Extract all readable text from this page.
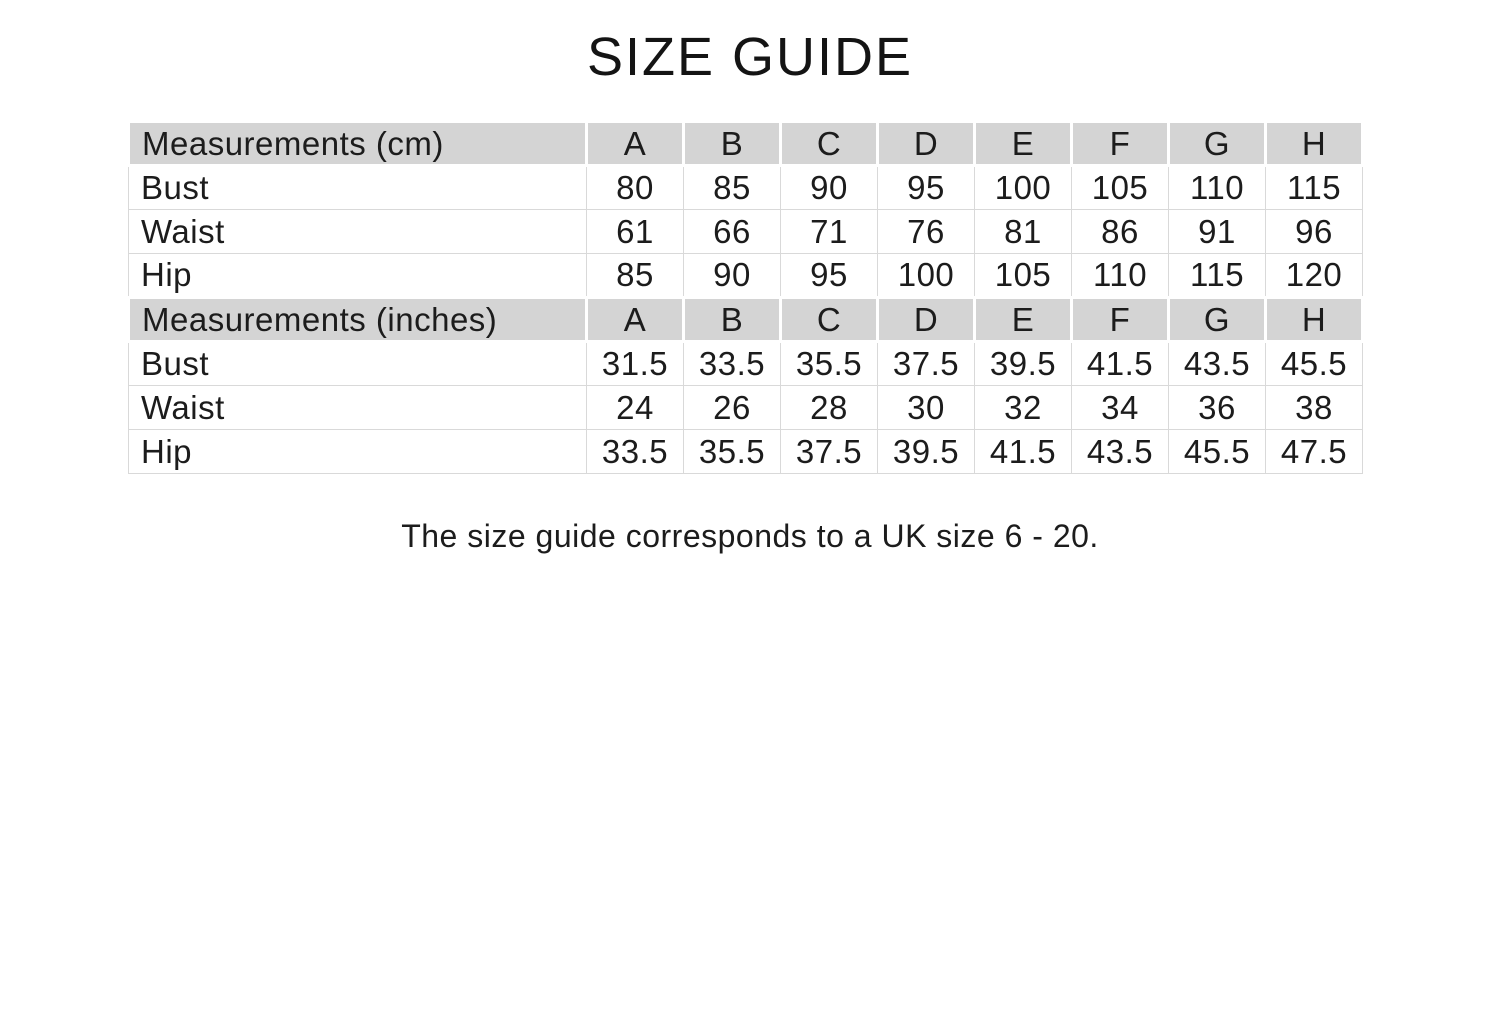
SIZE GUIDE
Measurements (cm)	A	B	C	D	E	F	G	H
Bust	80	85	90	95	100	105	110	115
Waist	61	66	71	76	81	86	91	96
Hip	85	90	95	100	105	110	115	120
Measurements (inches)	A	B	C	D	E	F	G	H
Bust	31.5	33.5	35.5	37.5	39.5	41.5	43.5	45.5
Waist	24	26	28	30	32	34	36	38
Hip	33.5	35.5	37.5	39.5	41.5	43.5	45.5	47.5

The size guide corresponds to a UK size 6 - 20.
